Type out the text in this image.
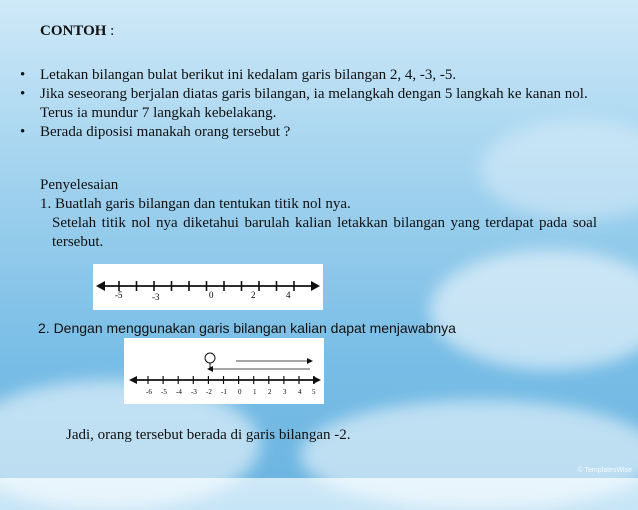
CONTOH :
• Letakan bilangan bulat berikut ini kedalam garis bilangan 2, 4, -3, -5.
• Jika seseorang berjalan diatas garis bilangan, ia melangkah dengan 5 langkah ke kanan nol. Terus ia mundur 7 langkah kebelakang.
• Berada diposisi manakah orang tersebut ?
Penyelesaian
1. Buatlah garis bilangan dan tentukan titik nol nya.
Setelah titik nol nya diketahui barulah kalian letakkan bilangan yang terdapat pada soal tersebut.
-5	-3	0	2	4
2. Dengan menggunakan garis bilangan kalian dapat menjawabnya
-6 -5 -4 -3 -2 -1 0 1 2 3 4 5
Jadi, orang tersebut berada di garis bilangan -2.
© TemplatesWise
